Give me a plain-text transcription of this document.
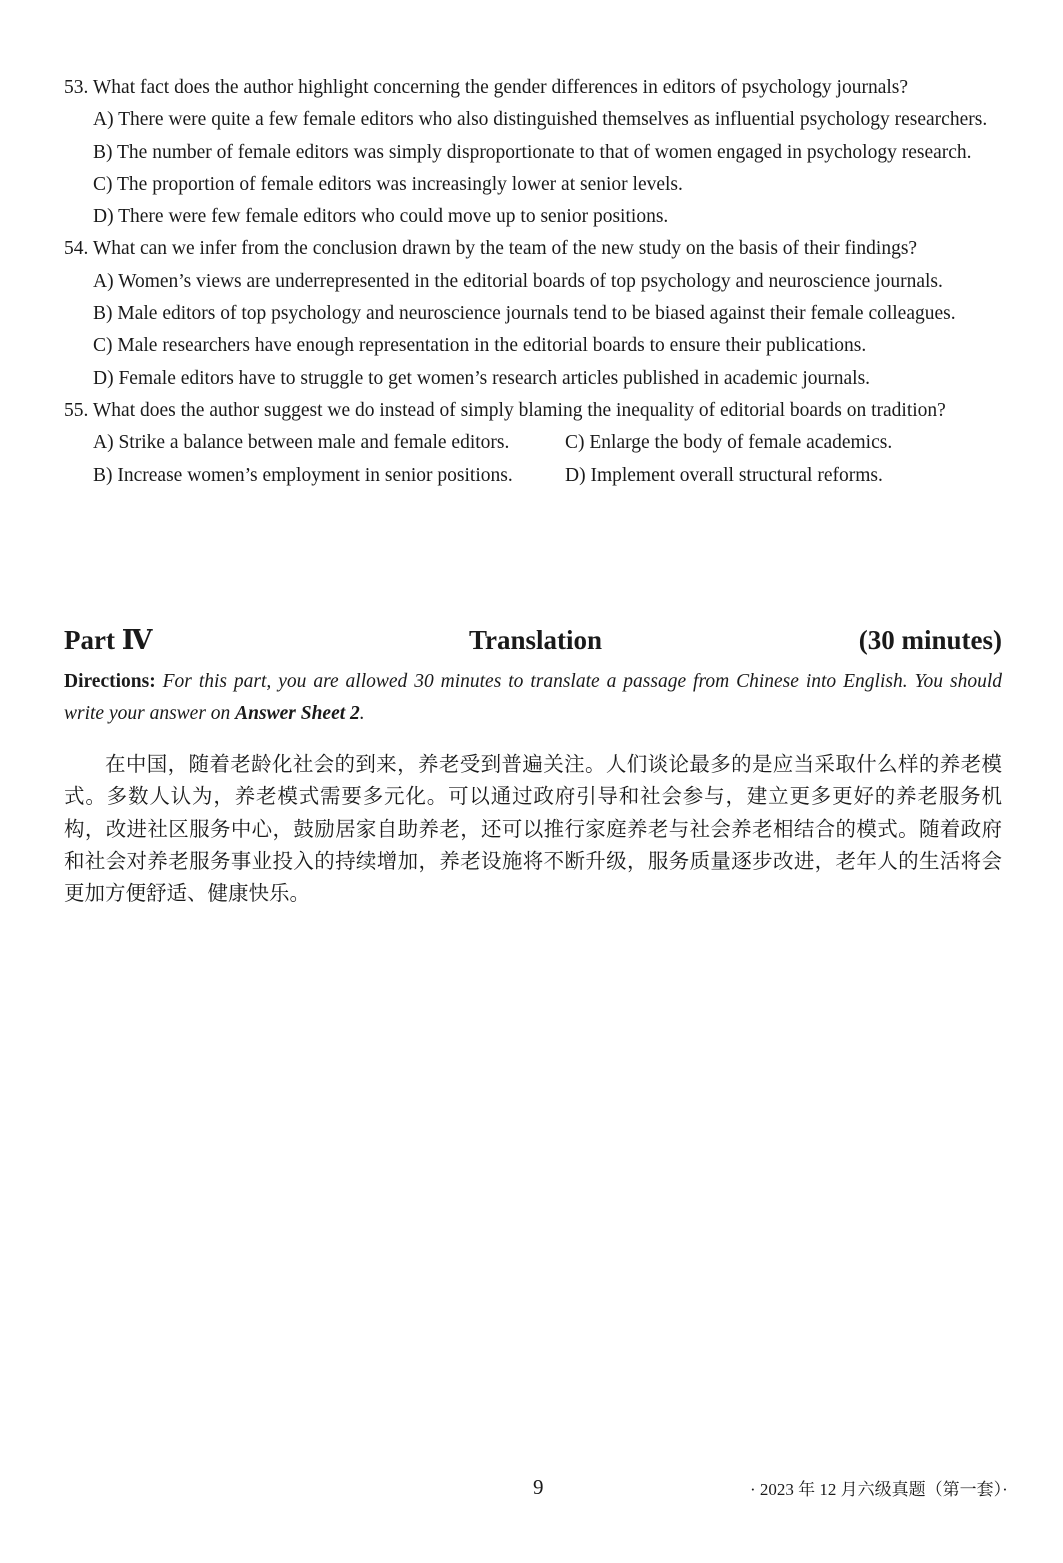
53. What fact does the author highlight concerning the gender differences in editors of psychology journals?

A) There were quite a few female editors who also distinguished themselves as influential psychology researchers.

B) The number of female editors was simply disproportionate to that of women engaged in psychology research.

C) The proportion of female editors was increasingly lower at senior levels.

D) There were few female editors who could move up to senior positions.

54. What can we infer from the conclusion drawn by the team of the new study on the basis of their findings?

A) Women’s views are underrepresented in the editorial boards of top psychology and neuroscience journals.

B) Male editors of top psychology and neuroscience journals tend to be biased against their female colleagues.

C) Male researchers have enough representation in the editorial boards to ensure their publications.

D) Female editors have to struggle to get women’s research articles published in academic journals.

55. What does the author suggest we do instead of simply blaming the inequality of editorial boards on tradition?

A) Strike a balance between male and female editors.	C) Enlarge the body of female academics.
B) Increase women’s employment in senior positions.	D) Implement overall structural reforms.
Part Ⅳ	Translation	(30 minutes)
Directions: For this part, you are allowed 30 minutes to translate a passage from Chinese into English. You should write your answer on Answer Sheet 2.
在中国，随着老龄化社会的到来，养老受到普遍关注。人们谈论最多的是应当采取什么样的养老模式。多数人认为，养老模式需要多元化。可以通过政府引导和社会参与，建立更多更好的养老服务机构，改进社区服务中心，鼓励居家自助养老，还可以推行家庭养老与社会养老相结合的模式。随着政府和社会对养老服务事业投入的持续增加，养老设施将不断升级，服务质量逐步改进，老年人的生活将会更加方便舒适、健康快乐。
9	· 2023 年 12 月六级真题（第一套）·
